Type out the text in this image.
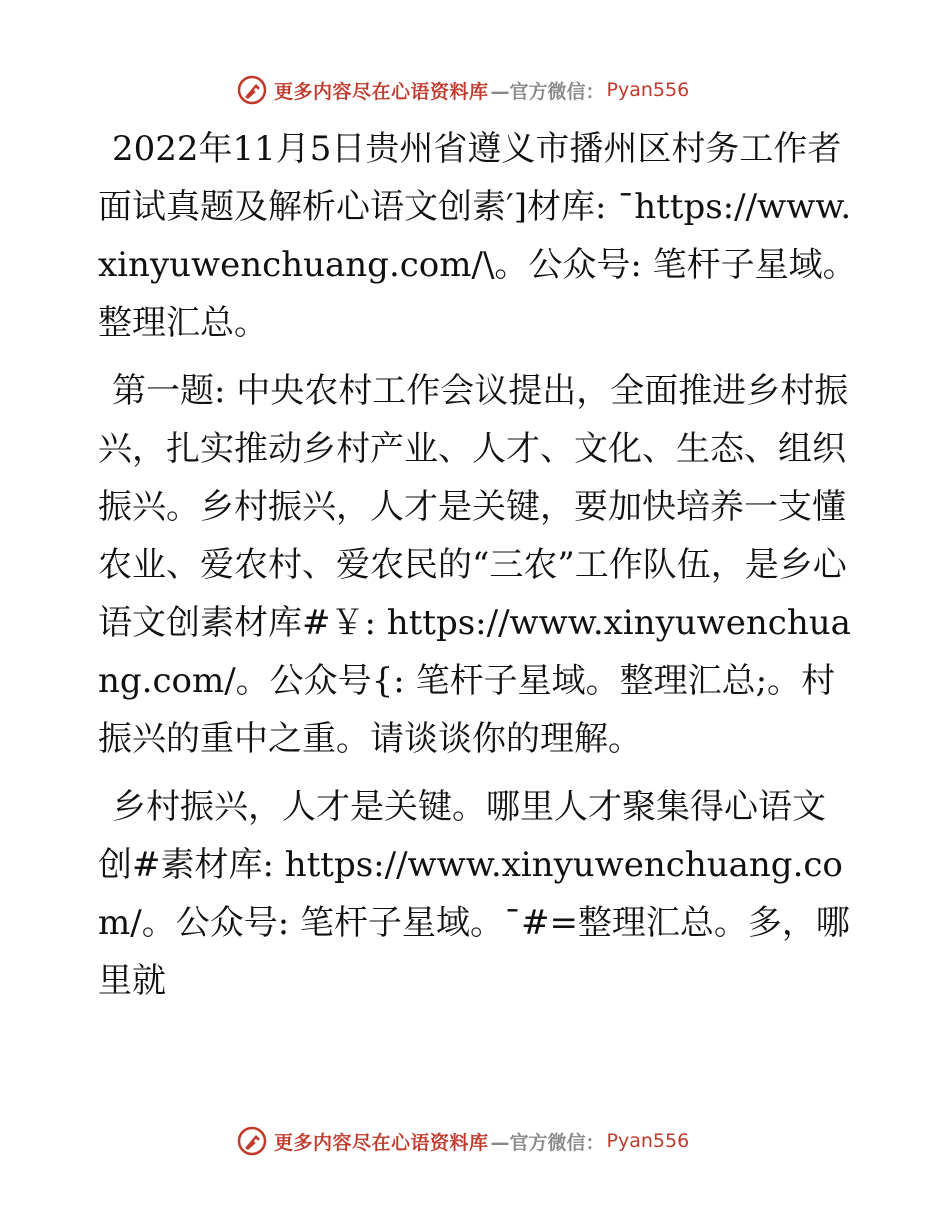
更多内容尽在心语资料库 —官方微信： Pyan556

2022年11月5日贵州省遵义市播州区村务工作者面试真题及解析心语文创素′]材库: ¯https://www.xinyuwenchuang.com/\。公众号: 笔杆子星域。整理汇总。

第一题: 中央农村工作会议提出，全面推进乡村振兴，扎实推动乡村产业、人才、文化、生态、组织振兴。乡村振兴，人才是关键，要加快培养一支懂农业、爱农村、爱农民的“三农”工作队伍，是乡心语文创素材库#￥: https://www.xinyuwenchuang.com/。公众号{: 笔杆子星域。整理汇总;。村振兴的重中之重。请谈谈你的理解。

乡村振兴，人才是关键。哪里人才聚集得心语文创#素材库: https://www.xinyuwenchuang.com/。公众号: 笔杆子星域。¯#=整理汇总。多，哪里就

更多内容尽在心语资料库 —官方微信： Pyan556
